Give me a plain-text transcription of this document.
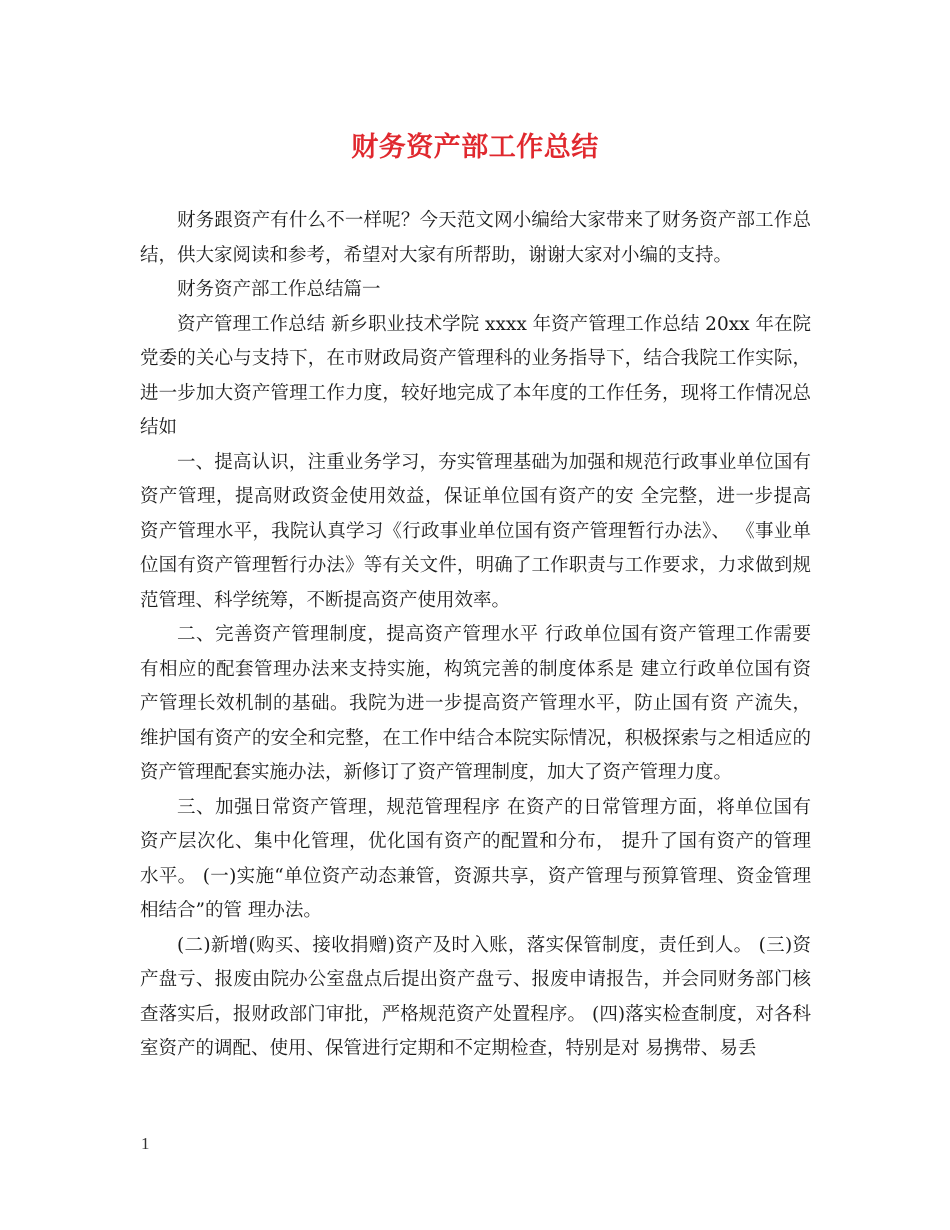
财务资产部工作总结

财务跟资产有什么不一样呢？今天范文网小编给大家带来了财务资产部工作总结，供大家阅读和参考，希望对大家有所帮助，谢谢大家对小编的支持。

财务资产部工作总结篇一

资产管理工作总结 新乡职业技术学院 xxxx 年资产管理工作总结 20xx 年在院党委的关心与支持下，在市财政局资产管理科的业务指导下，结合我院工作实际，进一步加大资产管理工作力度，较好地完成了本年度的工作任务，现将工作情况总结如

一、提高认识，注重业务学习，夯实管理基础为加强和规范行政事业单位国有资产管理，提高财政资金使用效益，保证单位国有资产的安 全完整，进一步提高资产管理水平，我院认真学习《行政事业单位国有资产管理暂行办法》、 《事业单位国有资产管理暂行办法》等有关文件，明确了工作职责与工作要求，力求做到规 范管理、科学统筹，不断提高资产使用效率。

二、完善资产管理制度，提高资产管理水平 行政单位国有资产管理工作需要有相应的配套管理办法来支持实施，构筑完善的制度体系是 建立行政单位国有资产管理长效机制的基础。我院为进一步提高资产管理水平，防止国有资 产流失，维护国有资产的安全和完整，在工作中结合本院实际情况，积极探索与之相适应的资产管理配套实施办法，新修订了资产管理制度，加大了资产管理力度。

三、加强日常资产管理，规范管理程序 在资产的日常管理方面，将单位国有资产层次化、集中化管理，优化国有资产的配置和分布， 提升了国有资产的管理水平。 (一)实施“单位资产动态兼管，资源共享，资产管理与预算管理、资金管理相结合”的管 理办法。

(二)新增(购买、接收捐赠)资产及时入账，落实保管制度，责任到人。 (三)资产盘亏、报废由院办公室盘点后提出资产盘亏、报废申请报告，并会同财务部门核 查落实后，报财政部门审批，严格规范资产处置程序。 (四)落实检查制度，对各科室资产的调配、使用、保管进行定期和不定期检查，特别是对 易携带、易丢

1
